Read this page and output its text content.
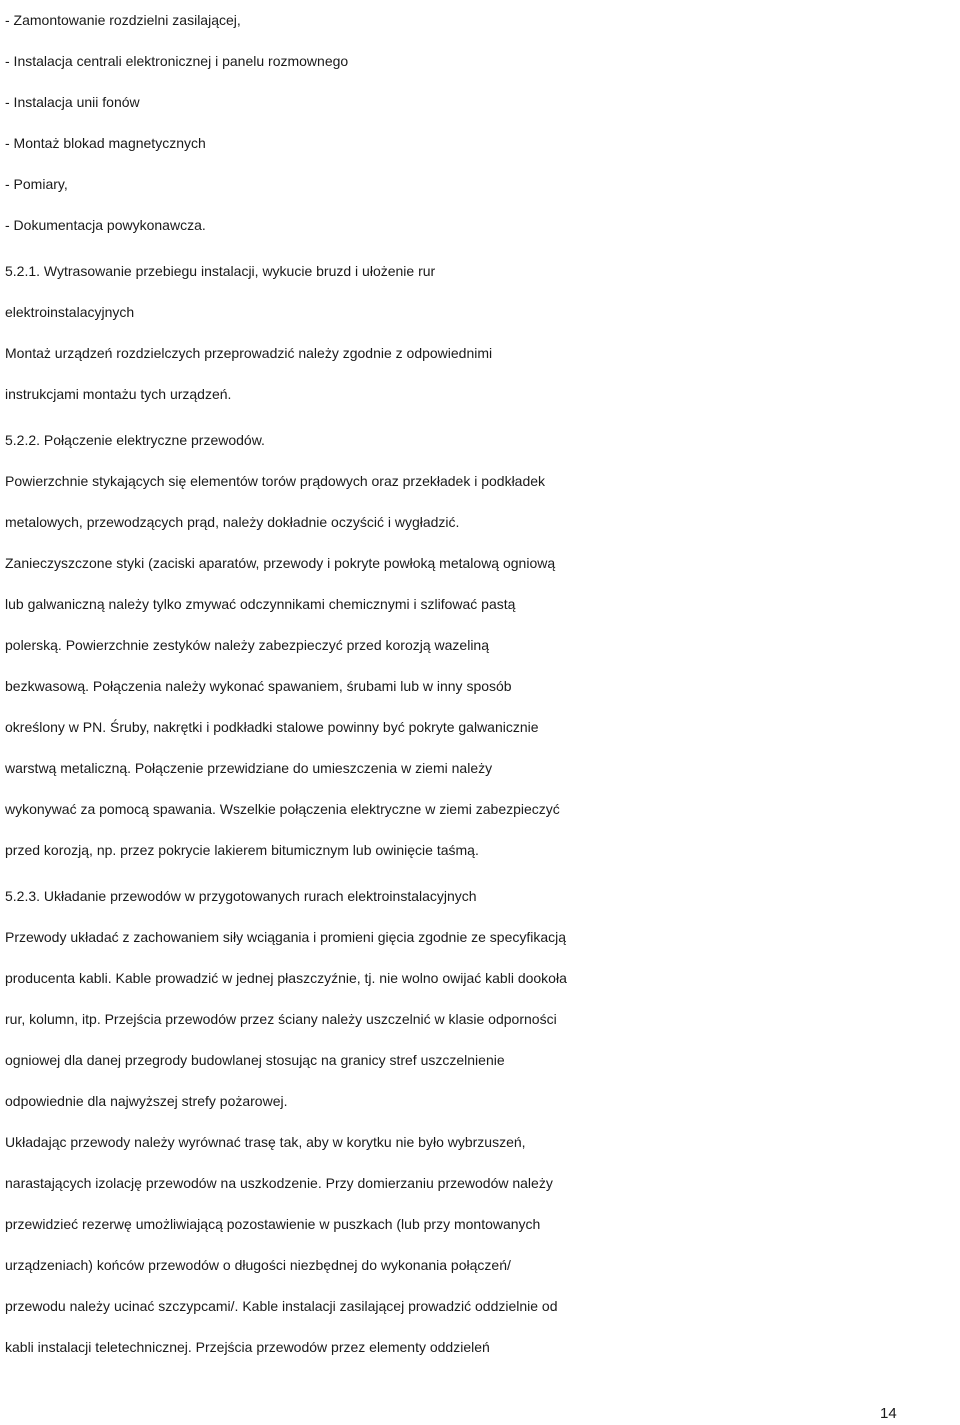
- Zamontowanie rozdzielni zasilającej,
- Instalacja centrali elektronicznej i panelu rozmownego
- Instalacja unii fonów
- Montaż blokad magnetycznych
- Pomiary,
- Dokumentacja powykonawcza.
5.2.1. Wytrasowanie przebiegu instalacji, wykucie bruzd i ułożenie rur
elektroinstalacyjnych
Montaż urządzeń rozdzielczych przeprowadzić należy zgodnie z odpowiednimi
instrukcjami montażu tych urządzeń.
5.2.2. Połączenie elektryczne przewodów.
Powierzchnie stykających się elementów torów prądowych oraz przekładek i podkładek
metalowych, przewodzących prąd, należy dokładnie oczyścić i wygładzić.
Zanieczyszczone styki (zaciski aparatów, przewody i pokryte powłoką metalową ogniową
lub galwaniczną należy tylko zmywać odczynnikami chemicznymi i szlifować pastą
polerską. Powierzchnie zestyków należy zabezpieczyć przed korozją wazeliną
bezkwasową. Połączenia należy wykonać spawaniem, śrubami lub w inny sposób
określony w PN. Śruby, nakrętki i podkładki stalowe powinny być pokryte galwanicznie
warstwą metaliczną. Połączenie przewidziane do umieszczenia w ziemi należy
wykonywać za pomocą spawania. Wszelkie połączenia elektryczne w ziemi zabezpieczyć
przed korozją, np. przez pokrycie lakierem bitumicznym lub owinięcie taśmą.
5.2.3. Układanie przewodów w przygotowanych rurach elektroinstalacyjnych
Przewody układać z zachowaniem siły wciągania i promieni gięcia zgodnie ze specyfikacją
producenta kabli. Kable prowadzić w jednej płaszczyźnie, tj. nie wolno owijać kabli dookoła
rur, kolumn, itp. Przejścia przewodów przez ściany należy uszczelnić w klasie odporności
ogniowej dla danej przegrody budowlanej stosując na granicy stref uszczelnienie
odpowiednie dla najwyższej strefy pożarowej.
Układając przewody należy wyrównać trasę tak, aby w korytku nie było wybrzuszeń,
narastających izolację przewodów na uszkodzenie. Przy domierzaniu przewodów należy
przewidzieć rezerwę umożliwiającą pozostawienie w puszkach (lub przy montowanych
urządzeniach) końców przewodów o długości niezbędnej do wykonania połączeń/
przewodu należy ucinać szczypcami/. Kable instalacji zasilającej prowadzić oddzielnie od
kabli instalacji teletechnicznej. Przejścia przewodów przez elementy oddzieleń
14
